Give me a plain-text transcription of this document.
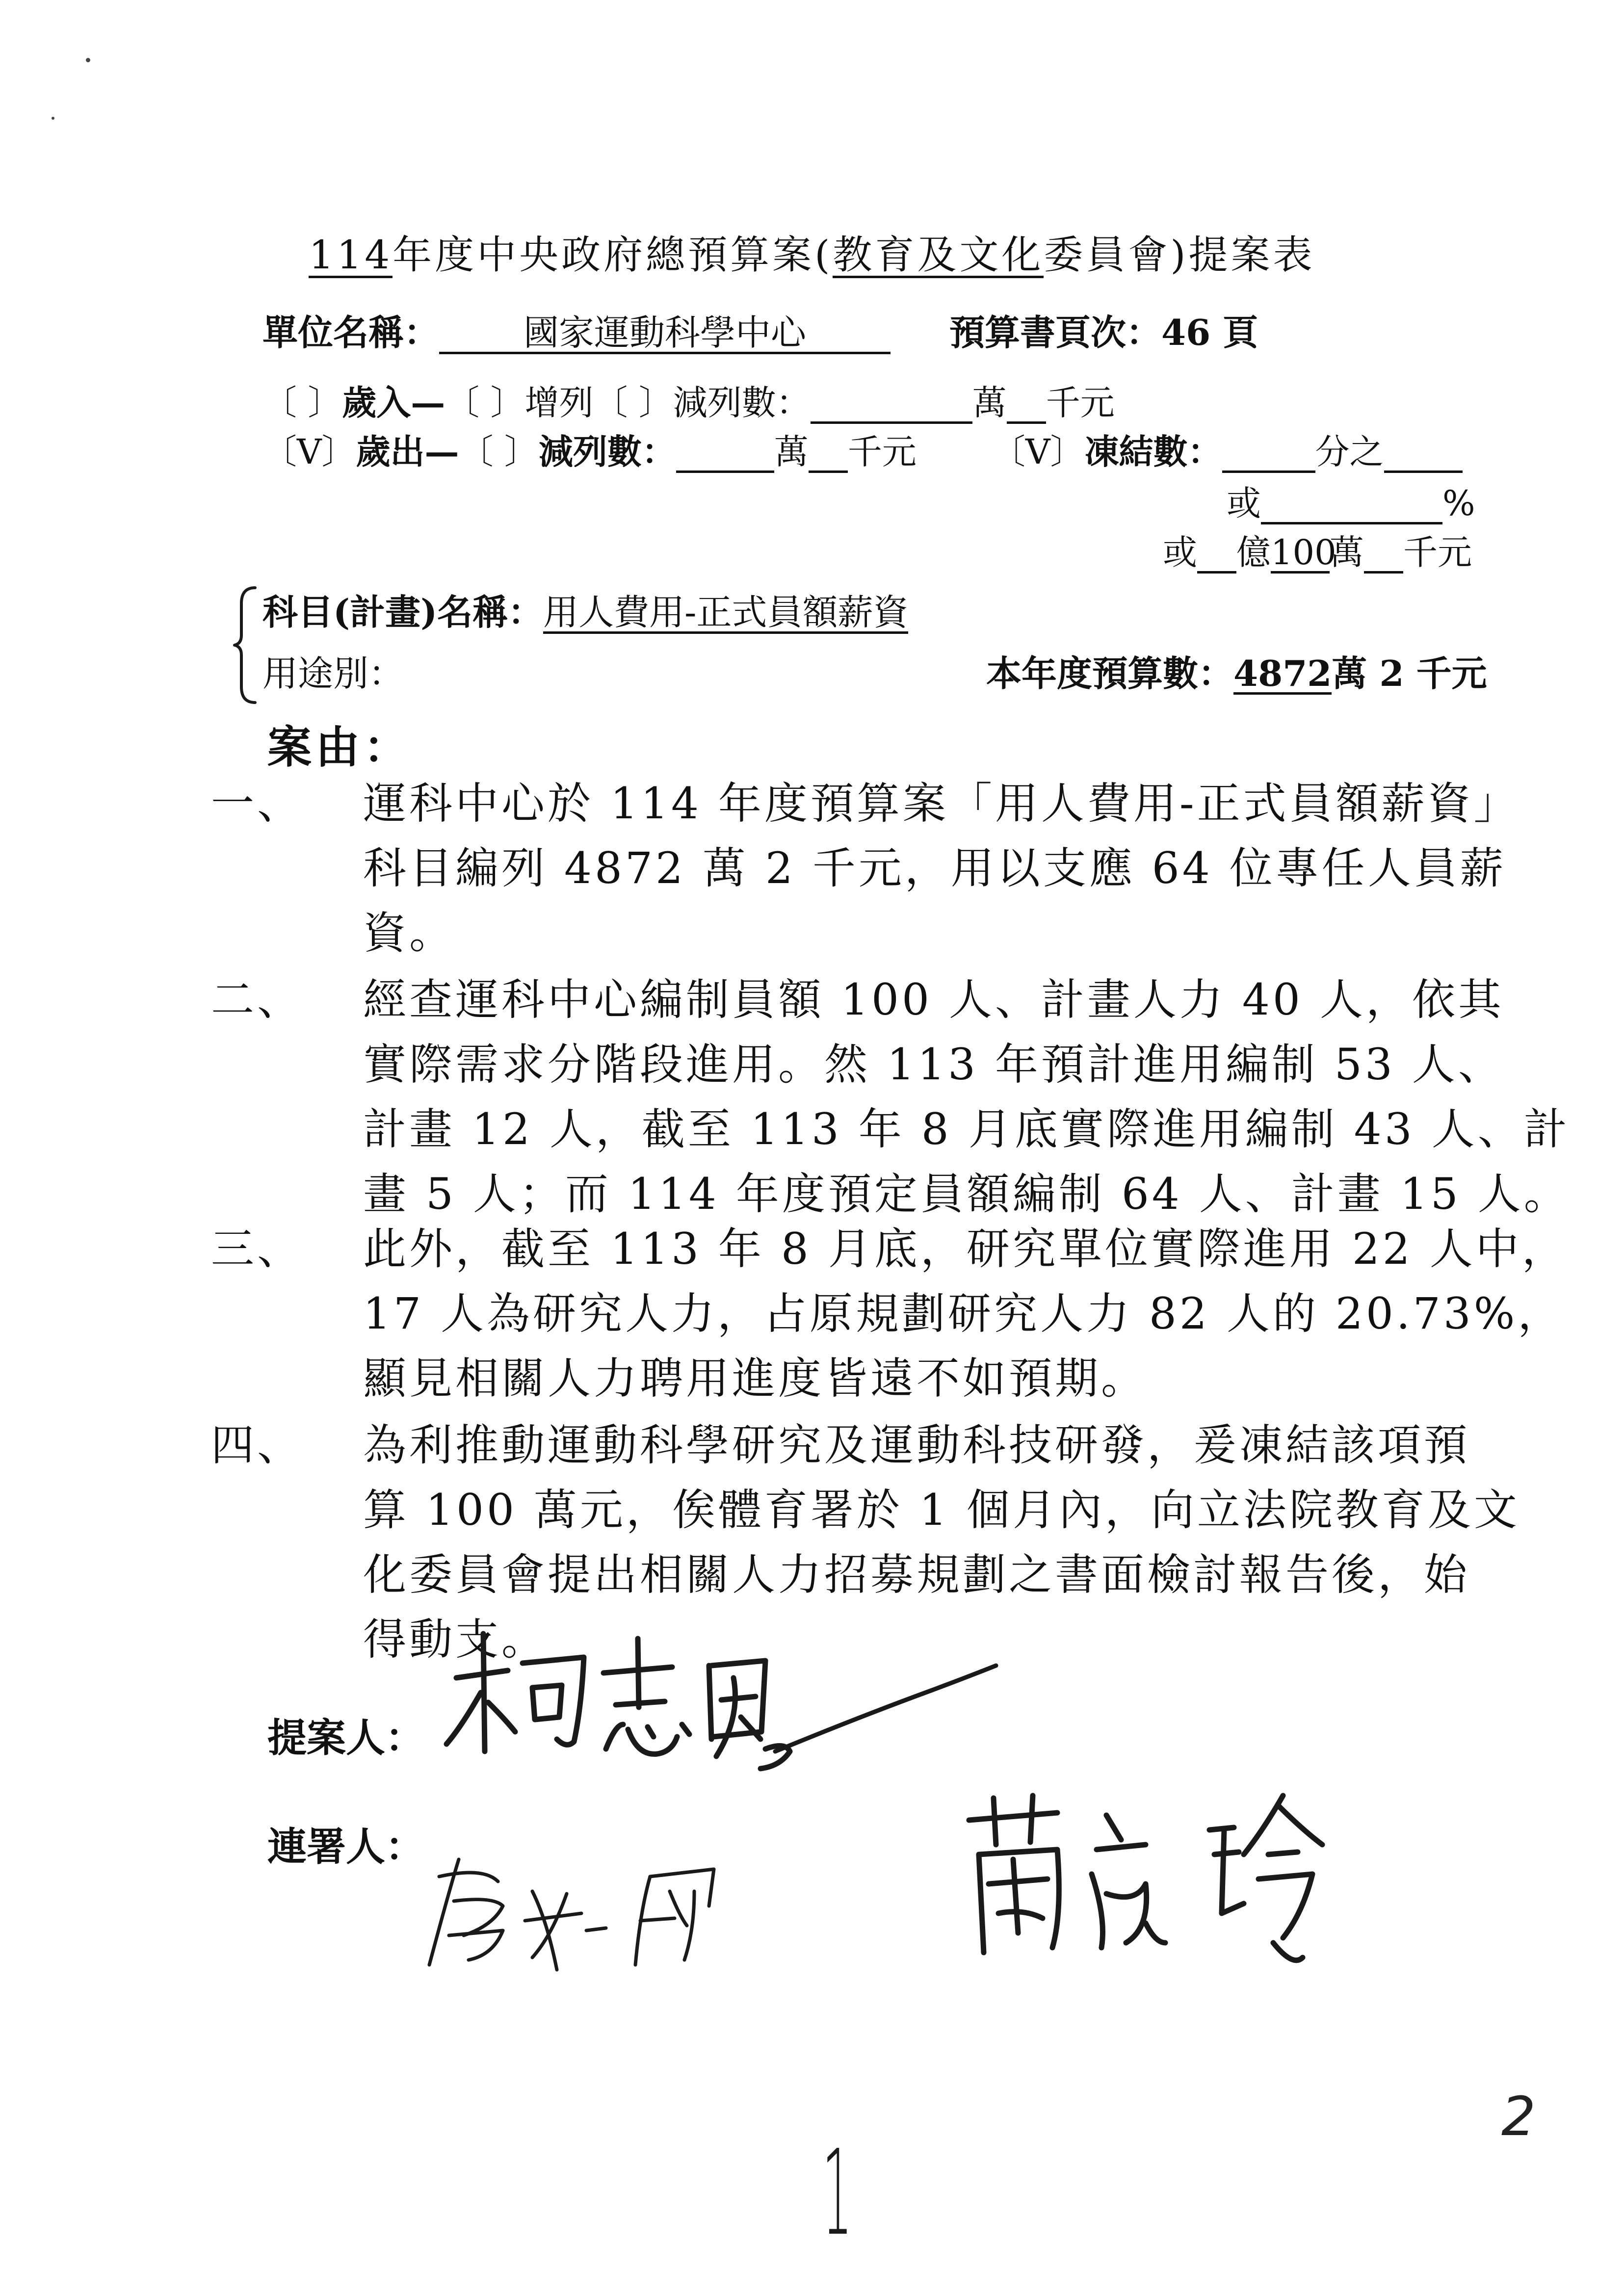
114年度中央政府總預算案(教育及文化委員會)提案表
單位名稱： 國家運動科學中心	預算書頁次：46 頁
〔 〕歲入—〔 〕增列〔 〕減列數：	萬 千元
〔V〕歲出—〔 〕減列數：	萬 千元 〔V〕凍結數：	分之
或	%
或 億100萬 千元
科目(計畫)名稱：用人費用-正式員額薪資
用途別：	本年度預算數：4872萬 2 千元
案由：
一、 運科中心於 114 年度預算案「用人費用-正式員額薪資」
科目編列 4872 萬 2 千元，用以支應 64 位專任人員薪
資。
二、 經查運科中心編制員額 100 人、計畫人力 40 人，依其
實際需求分階段進用。然 113 年預計進用編制 53 人、
計畫 12 人，截至 113 年 8 月底實際進用編制 43 人、計
畫 5 人；而 114 年度預定員額編制 64 人、計畫 15 人。
三、 此外，截至 113 年 8 月底，研究單位實際進用 22 人中，
17 人為研究人力，占原規劃研究人力 82 人的 20.73%，
顯見相關人力聘用進度皆遠不如預期。
四、 為利推動運動科學研究及運動科技研發，爰凍結該項預
算 100 萬元，俟體育署於 1 個月內，向立法院教育及文
化委員會提出相關人力招募規劃之書面檢討報告後，始
得動支。
提案人：
連署人：
1
2
